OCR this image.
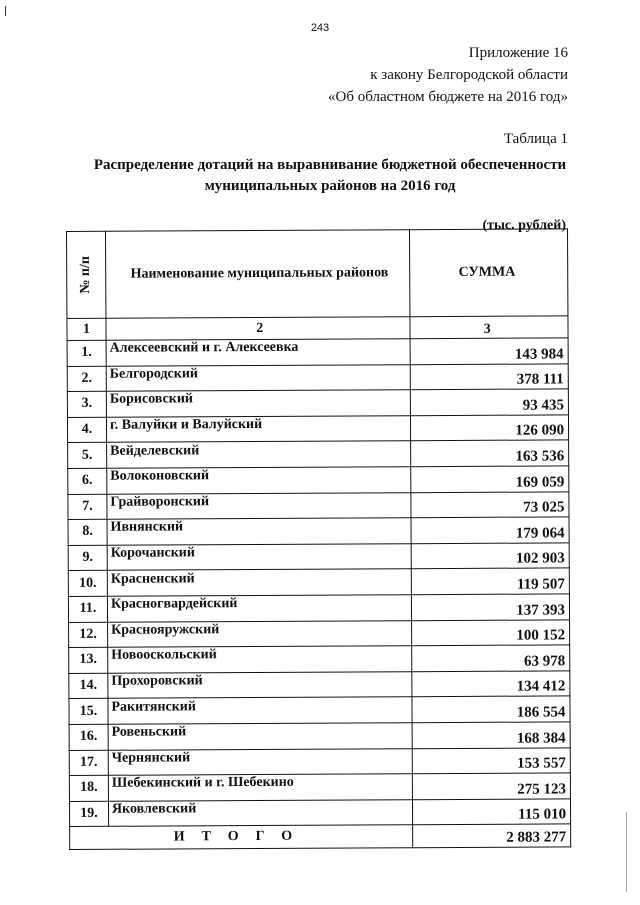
243
Приложение 16
к закону Белгородской области
«Об областном бюджете на 2016 год»
Таблица 1
Распределение дотаций на выравнивание бюджетной обеспеченности
муниципальных районов на 2016 год
(тыс. рублей)
№ п/п	Наименование муниципальных районов	СУММА
1	2	3
1.	Алексеевский и г. Алексеевка	143 984
2.	Белгородский	378 111
3.	Борисовский	93 435
4.	г. Валуйки и Валуйский	126 090
5.	Вейделевский	163 536
6.	Волоконовский	169 059
7.	Грайворонский	73 025
8.	Ивнянский	179 064
9.	Корочанский	102 903
10.	Красненский	119 507
11.	Красногвардейский	137 393
12.	Краснояружский	100 152
13.	Новооскольский	63 978
14.	Прохоровский	134 412
15.	Ракитянский	186 554
16.	Ровеньский	168 384
17.	Чернянский	153 557
18.	Шебекинский и г. Шебекино	275 123
19.	Яковлевский	115 010
ИТОГО		2 883 277
